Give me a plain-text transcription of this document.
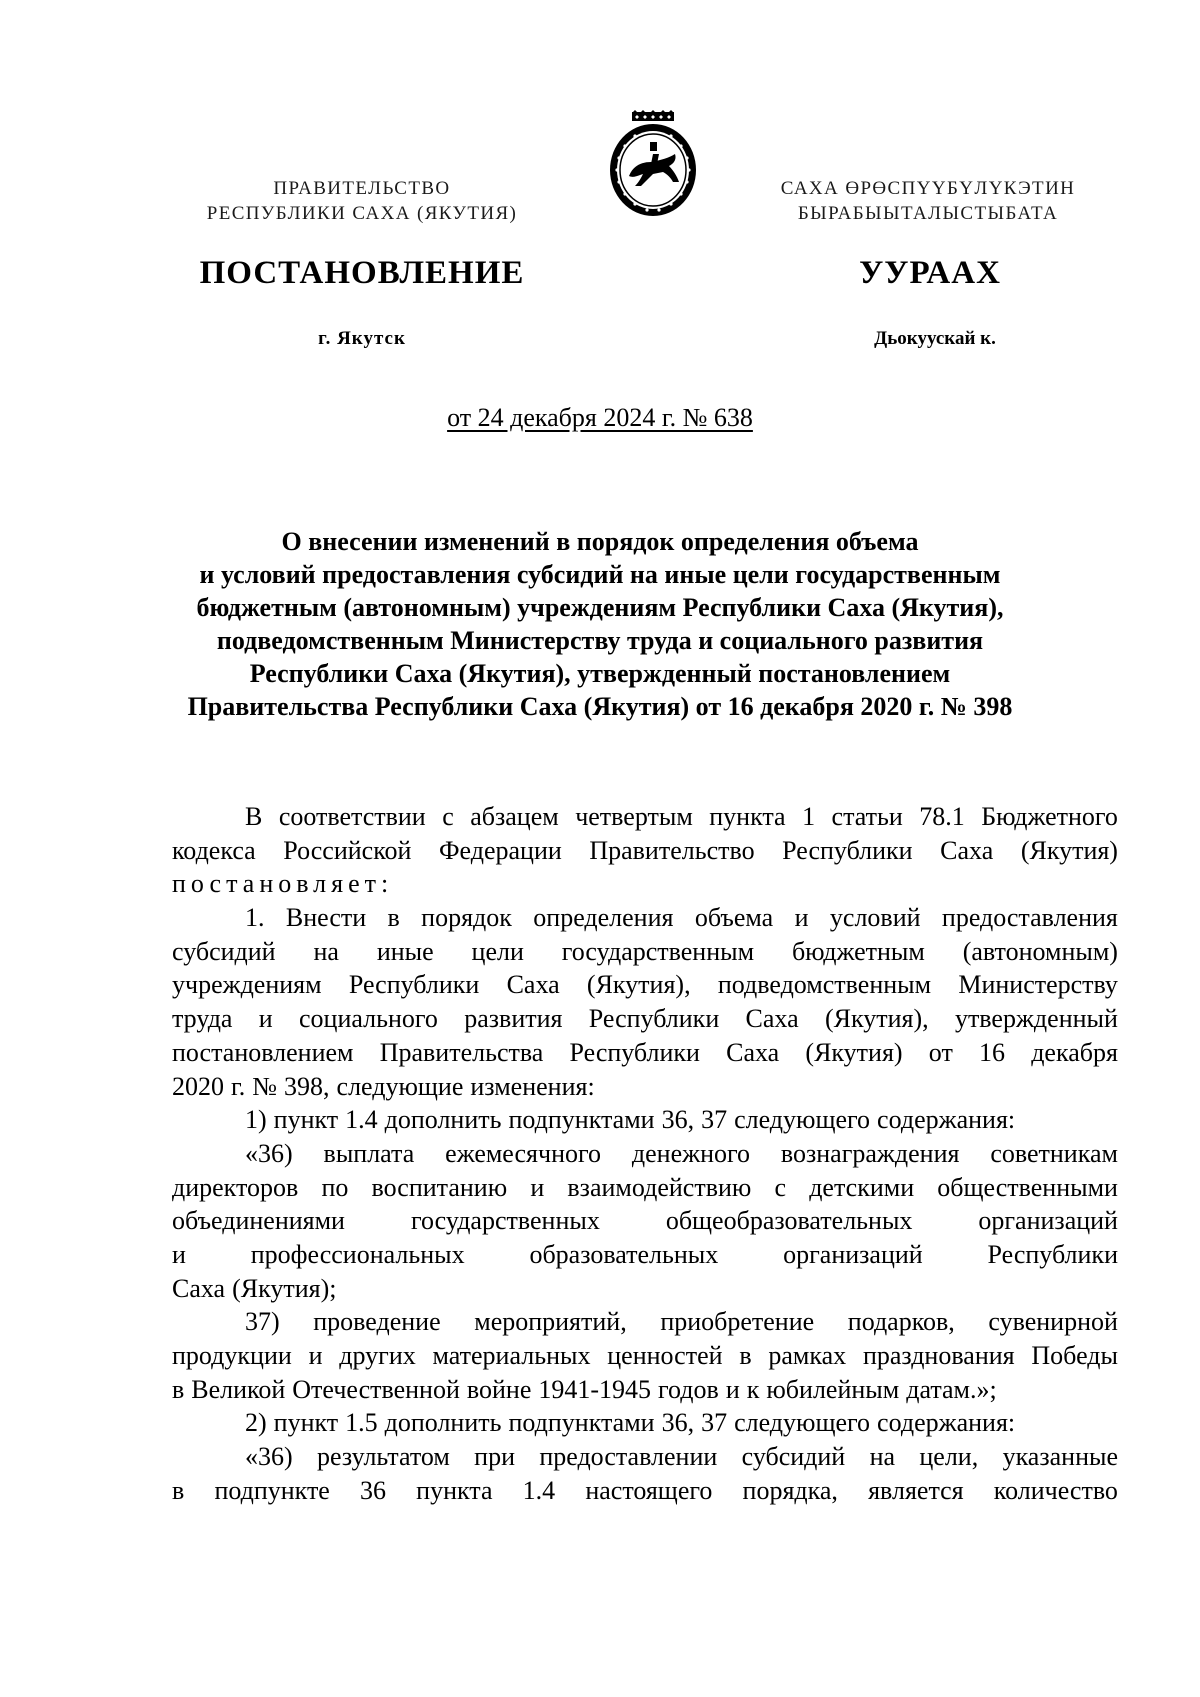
ПРАВИТЕЛЬСТВО
РЕСПУБЛИКИ САХА (ЯКУТИЯ)
САХА ӨРӨСПҮҮБҮЛҮКЭТИН
БЫРАБЫЫТАЛЫСТЫБАТА
ПОСТАНОВЛЕНИЕ	УУРААХ
г. Якутск	Дьокуускай к.
от 24 декабря 2024 г. № 638
О внесении изменений в порядок определения объема
и условий предоставления субсидий на иные цели государственным
бюджетным (автономным) учреждениям Республики Саха (Якутия),
подведомственным Министерству труда и социального развития
Республики Саха (Якутия), утвержденный постановлением
Правительства Республики Саха (Якутия) от 16 декабря 2020 г. № 398
В соответствии с абзацем четвертым пункта 1 статьи 78.1 Бюджетного
кодекса Российской Федерации Правительство Республики Саха (Якутия)
постановляет:
1. Внести в порядок определения объема и условий предоставления
субсидий на иные цели государственным бюджетным (автономным)
учреждениям Республики Саха (Якутия), подведомственным Министерству
труда и социального развития Республики Саха (Якутия), утвержденный
постановлением Правительства Республики Саха (Якутия) от 16 декабря
2020 г. № 398, следующие изменения:
1) пункт 1.4 дополнить подпунктами 36, 37 следующего содержания:
«36) выплата ежемесячного денежного вознаграждения советникам
директоров по воспитанию и взаимодействию с детскими общественными
объединениями	государственных	общеобразовательных	организаций
и профессиональных образовательных организаций Республики
Саха (Якутия);
37) проведение мероприятий, приобретение подарков, сувенирной
продукции и других материальных ценностей в рамках празднования Победы
в Великой Отечественной войне 1941-1945 годов и к юбилейным датам.»;
2) пункт 1.5 дополнить подпунктами 36, 37 следующего содержания:
«36) результатом при предоставлении субсидий на цели, указанные
в подпункте 36 пункта 1.4 настоящего порядка, является количество
